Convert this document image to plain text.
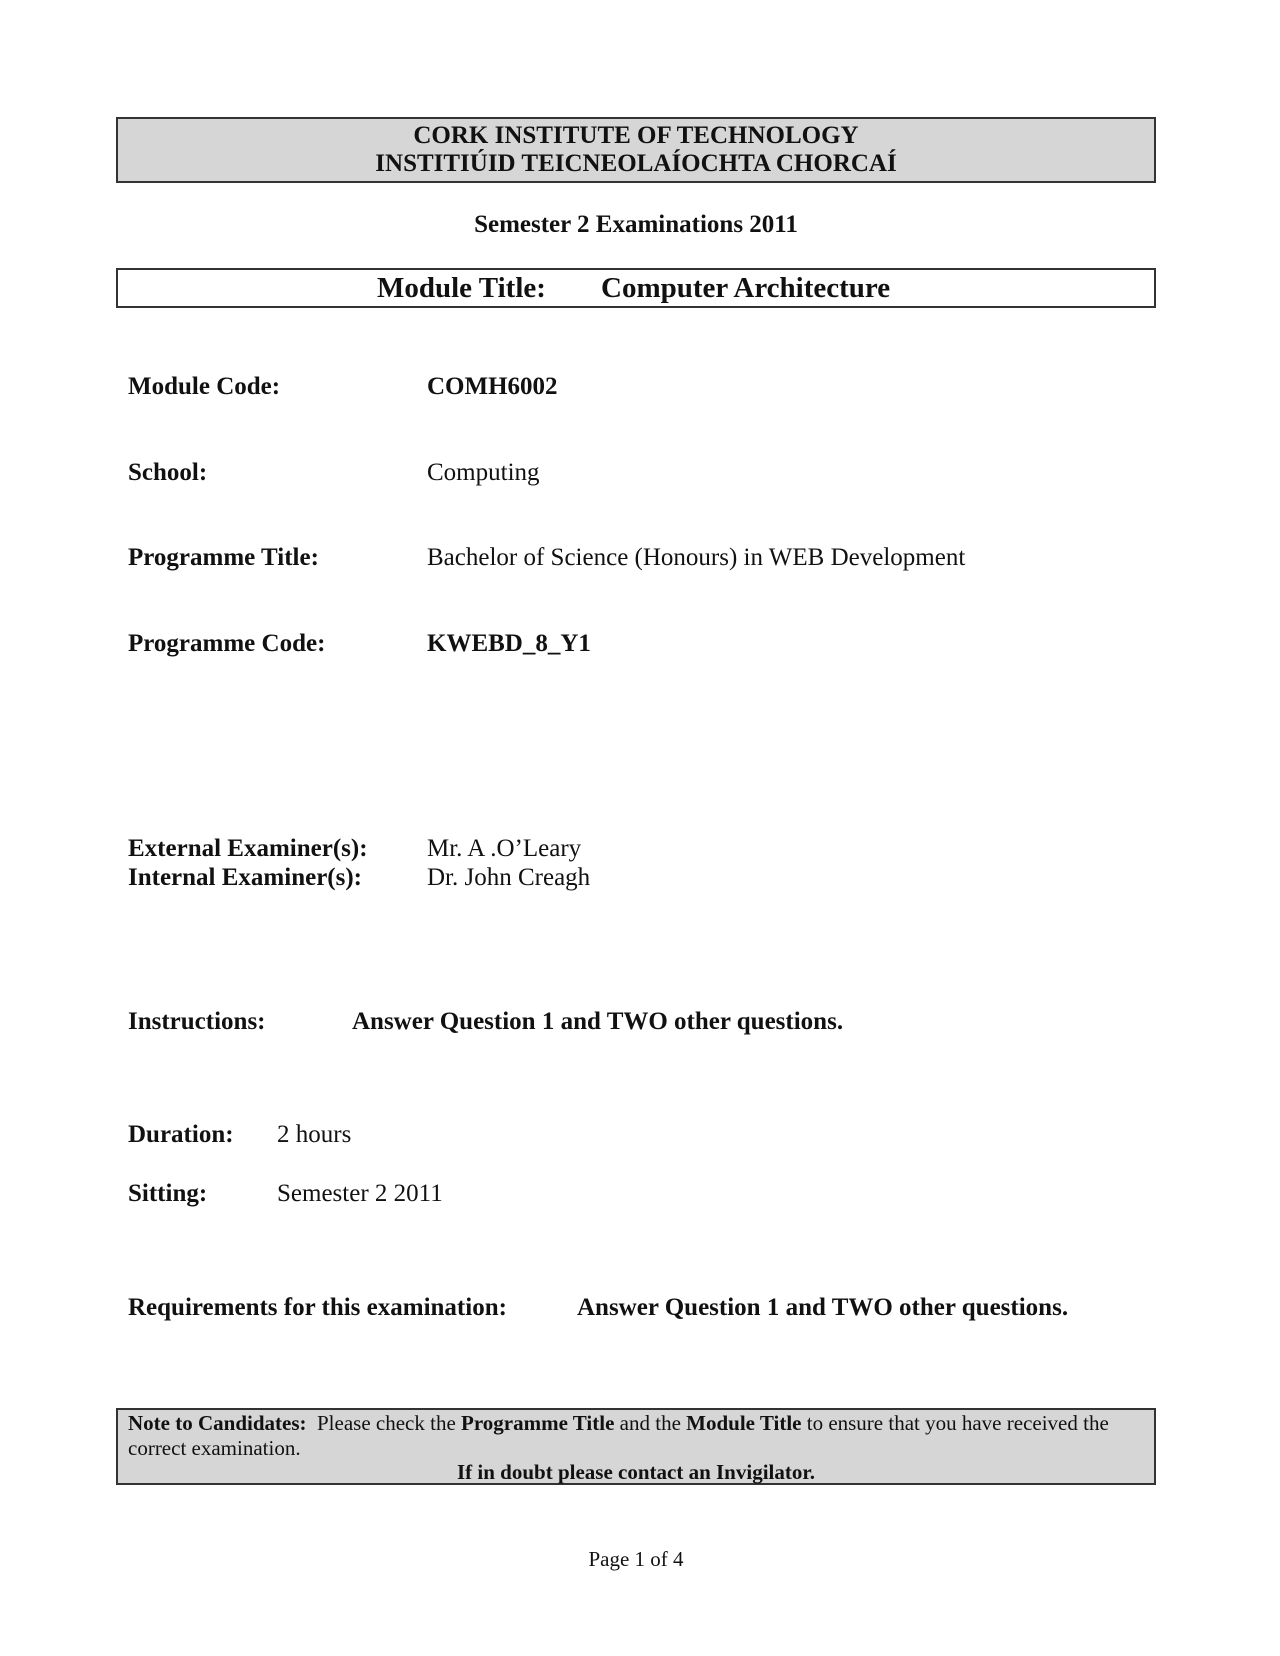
CORK INSTITUTE OF TECHNOLOGY
INSTITIÚID TEICNEOLAÍOCHTA CHORCAÍ
Semester 2 Examinations 2011
Module Title: Computer Architecture
Module Code:	COMH6002
School:	Computing
Programme Title:	Bachelor of Science (Honours) in WEB Development
Programme Code:	KWEBD_8_Y1
External Examiner(s): Mr. A .O’Leary
Internal Examiner(s):	Dr. John Creagh
Instructions:	Answer Question 1 and TWO other questions.
Duration: 2 hours
Sitting:	Semester 2 2011
Requirements for this examination:	Answer Question 1 and TWO other questions.
Note to Candidates: Please check the Programme Title and the Module Title to ensure that you have received the
correct examination.
If in doubt please contact an Invigilator.
Page 1 of 4
